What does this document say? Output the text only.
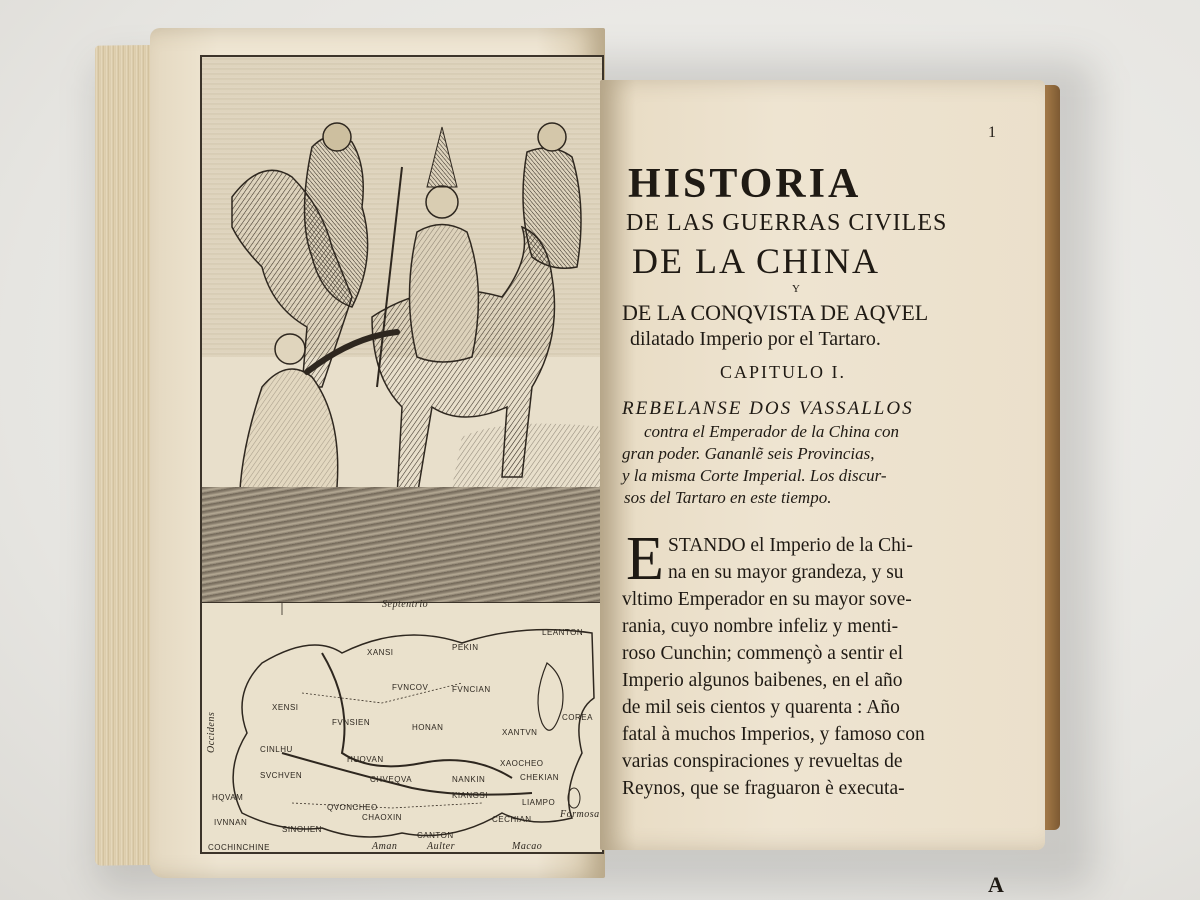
Septentrio
Occidens
LEANTON
XANSI
PEKIN
FVNCOV	FVNCIAN
XENSI
FVNSIEN
HONAN
XANTVN
CINLHU
HUQVAN
SVCHVEN	CHVEQVA	NANKIN	CHEKIAN
HQVAM	KIANGSI
XAOCHEO
IVNNAN
SINOHEN
QVONCHEO
CHAOXIN
LIAMPO
CECHIAN
CANTON
COCHINCHINE	Aman	Aulter	Macao
COREA
Formosa
1
HISTORIA
DE LAS GUERRAS CIVILES
DE LA CHINA
Y
DE LA CONQVISTA DE AQVEL
dilatado Imperio por el Tartaro.
CAPITULO I.
REBELANSE DOS VASSALLOS
contra el Emperador de la China con
gran poder. Gananlẽ seis Provincias,
y la misma Corte Imperial. Los discur-
sos del Tartaro en este tiempo.
E STANDO el Imperio de la Chi-
na en su mayor grandeza, y su
vltimo Emperador en su mayor sove-
rania, cuyo nombre infeliz y menti-
roso Cunchin; commençò a sentir el
Imperio algunos baibenes, en el año
de mil seis cientos y quarenta : Año
fatal à muchos Imperios, y famoso con
varias conspiraciones y revueltas de
Reynos, que se fraguaron è executa-
A
